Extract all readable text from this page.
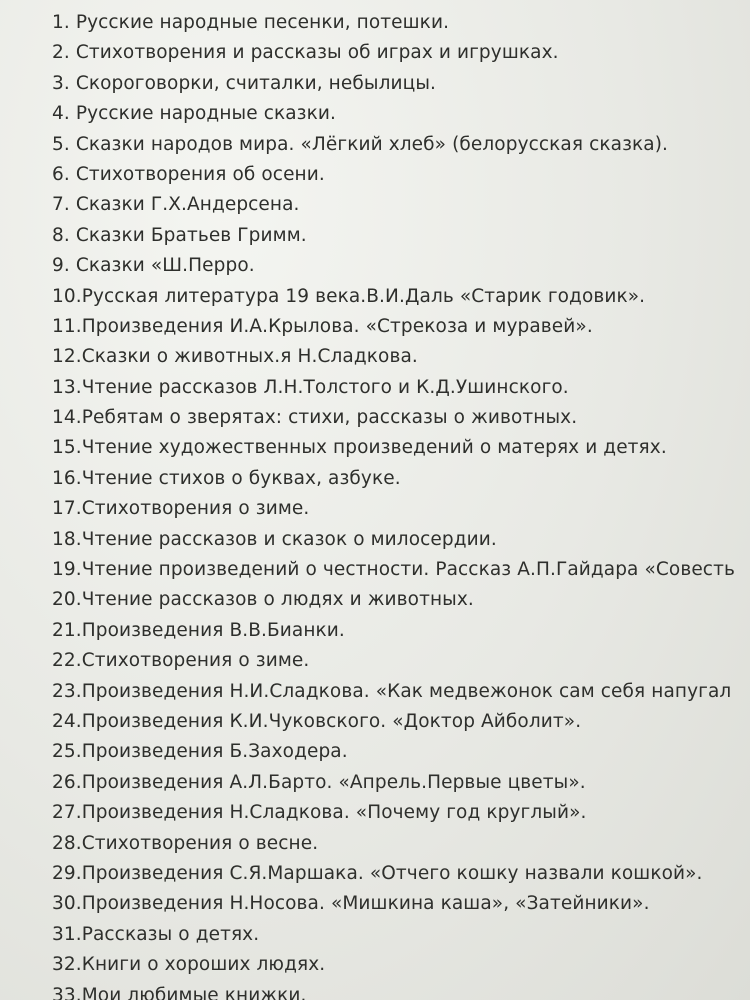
1. Русские народные песенки, потешки.
2. Стихотворения и рассказы об играх и игрушках.
3. Скороговорки, считалки, небылицы.
4. Русские народные сказки.
5. Сказки народов мира. «Лёгкий хлеб» (белорусская сказка).
6. Стихотворения об осени.
7. Сказки Г.Х.Андерсена.
8. Сказки Братьев Гримм.
9. Сказки «Ш.Перро.
10.Русская литература 19 века.В.И.Даль «Старик годовик».
11.Произведения И.А.Крылова. «Стрекоза и муравей».
12.Сказки о животных.я Н.Сладкова.
13.Чтение рассказов Л.Н.Толстого и К.Д.Ушинского.
14.Ребятам о зверятах: стихи, рассказы о животных.
15.Чтение художественных произведений о матерях и детях.
16.Чтение стихов о буквах, азбуке.
17.Стихотворения о зиме.
18.Чтение рассказов и сказок о милосердии.
19.Чтение произведений о честности. Рассказ А.П.Гайдара «Совесть
20.Чтение рассказов о людях и животных.
21.Произведения В.В.Бианки.
22.Стихотворения о зиме.
23.Произведения Н.И.Сладкова. «Как медвежонок сам себя напугал
24.Произведения К.И.Чуковского. «Доктор Айболит».
25.Произведения Б.Заходера.
26.Произведения А.Л.Барто. «Апрель.Первые цветы».
27.Произведения Н.Сладкова. «Почему год круглый».
28.Стихотворения о весне.
29.Произведения С.Я.Маршака. «Отчего кошку назвали кошкой».
30.Произведения Н.Носова. «Мишкина каша», «Затейники».
31.Рассказы о детях.
32.Книги о хороших людях.
33.Мои любимые книжки.
